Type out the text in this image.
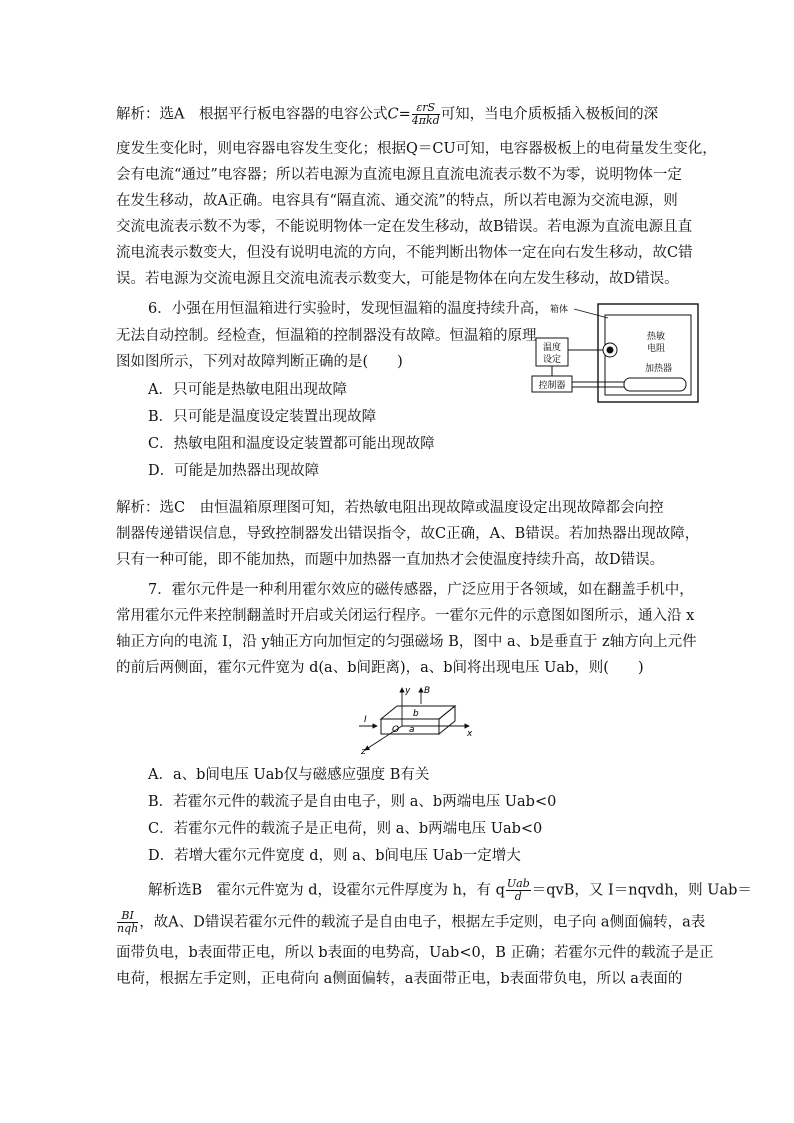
解析：选A　根据平行板电容器的电容公式$C= \frac{\text{εrS}}{\text{4πkd}}$ 可知，当电介质板插入极板间的深
度发生变化时，则电容器电容发生变化；根据Q＝CU可知，电容器极板上的电荷量发生变化，
会有电流“通过”电容器；所以若电源为直流电源且直流电流表示数不为零，说明物体一定
在发生移动，故A正确。电容具有“隔直流、通交流”的特点，所以若电源为交流电源，则
交流电流表示数不为零，不能说明物体一定在发生移动，故B错误。若电源为直流电源且直
流电流表示数变大，但没有说明电流的方向，不能判断出物体一定在向右发生移动，故C错
误。若电源为交流电源且交流电流表示数变大，可能是物体在向左发生移动，故D错误。
6．小强在用恒温箱进行实验时，发现恒温箱的温度持续升高，
无法自动控制。经检查，恒温箱的控制器没有故障。恒温箱的原理
图如图所示，下列对故障判断正确的是(　　)
A．只可能是热敏电阻出现故障
B．只可能是温度设定装置出现故障
C．热敏电阻和温度设定装置都可能出现故障
D．可能是加热器出现故障
箱体
热敏
电阻
温度
设定
控制器
加热器
解析：选C　由恒温箱原理图可知，若热敏电阻出现故障或温度设定出现故障都会向控
制器传递错误信息，导致控制器发出错误指令，故C正确，A、B错误。若加热器出现故障，
只有一种可能，即不能加热，而题中加热器一直加热才会使温度持续升高，故D错误。
7．霍尔元件是一种利用霍尔效应的磁传感器，广泛应用于各领域，如在翻盖手机中，
常用霍尔元件来控制翻盖时开启或关闭运行程序。一霍尔元件的示意图如图所示，通入沿 x
轴正方向的电流 I，沿 y轴正方向加恒定的匀强磁场 B，图中 a、b是垂直于 z轴方向上元件
的前后两侧面，霍尔元件宽为 d(a、b间距离)，a、b间将出现电压 Uab，则(　　)
y B
I
b
O a	x
z
A．a、b间电压 Uab仅与磁感应强度 B有关
B．若霍尔元件的载流子是自由电子，则 a、b两端电压 Uab<0
C．若霍尔元件的载流子是正电荷，则 a、b两端电压 Uab<0
D．若增大霍尔元件宽度 d，则 a、b间电压 Uab一定增大
解析选B　霍尔元件宽为 d，设霍尔元件厚度为 h，有 q $\frac{\text{Uab}}{d} =qvB$，又 I＝nqvdh，则 Uab＝
$\frac{BI}{\text{nqh}}$ ，故A、D错误若霍尔元件的载流子是自由电子，根据左手定则，电子向 a侧面偏转，a表
面带负电，b表面带正电，所以 b表面的电势高，Uab<0，B 正确；若霍尔元件的载流子是正
电荷，根据左手定则，正电荷向 a侧面偏转，a表面带正电，b表面带负电，所以 a表面的
